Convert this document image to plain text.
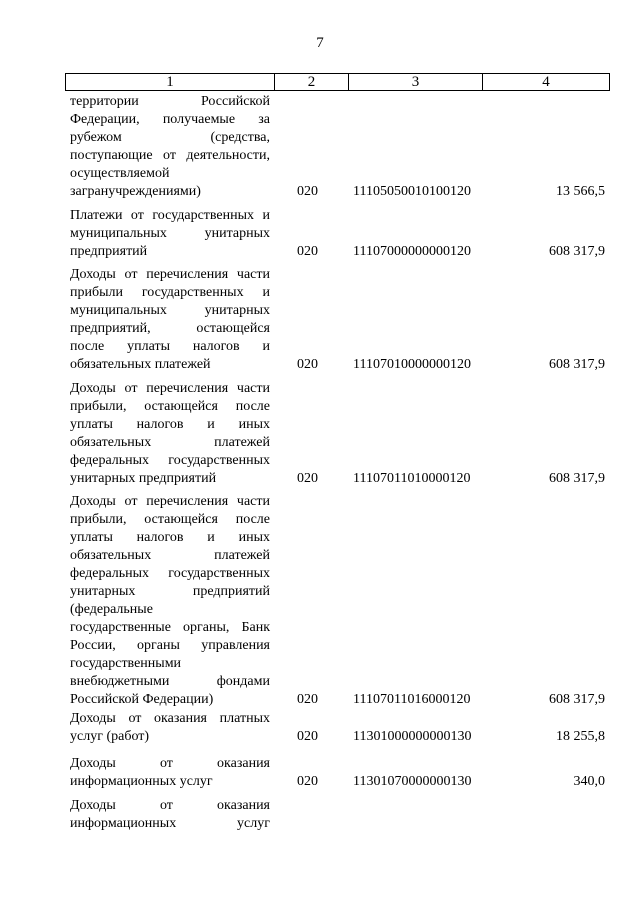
7
1	2	3	4
территории Российской
Федерации, получаемые за
рубежом (средства,
поступающие от деятельности,
осуществляемой
загранучреждениями)	020	11105050010100120	13 566,5
Платежи от государственных и
муниципальных унитарных
предприятий	020	11107000000000120	608 317,9
Доходы от перечисления части
прибыли государственных и
муниципальных унитарных
предприятий, остающейся
после уплаты налогов и
обязательных платежей	020	11107010000000120	608 317,9
Доходы от перечисления части
прибыли, остающейся после
уплаты налогов и иных
обязательных платежей
федеральных государственных
унитарных предприятий	020	11107011010000120	608 317,9
Доходы от перечисления части
прибыли, остающейся после
уплаты налогов и иных
обязательных платежей
федеральных государственных
унитарных предприятий
(федеральные
государственные органы, Банк
России, органы управления
государственными
внебюджетными фондами
Российской Федерации)	020	11107011016000120	608 317,9
Доходы от оказания платных
услуг (работ)	020	11301000000000130	18 255,8
Доходы от оказания
информационных услуг	020	11301070000000130	340,0
Доходы от оказания
информационных услуг
